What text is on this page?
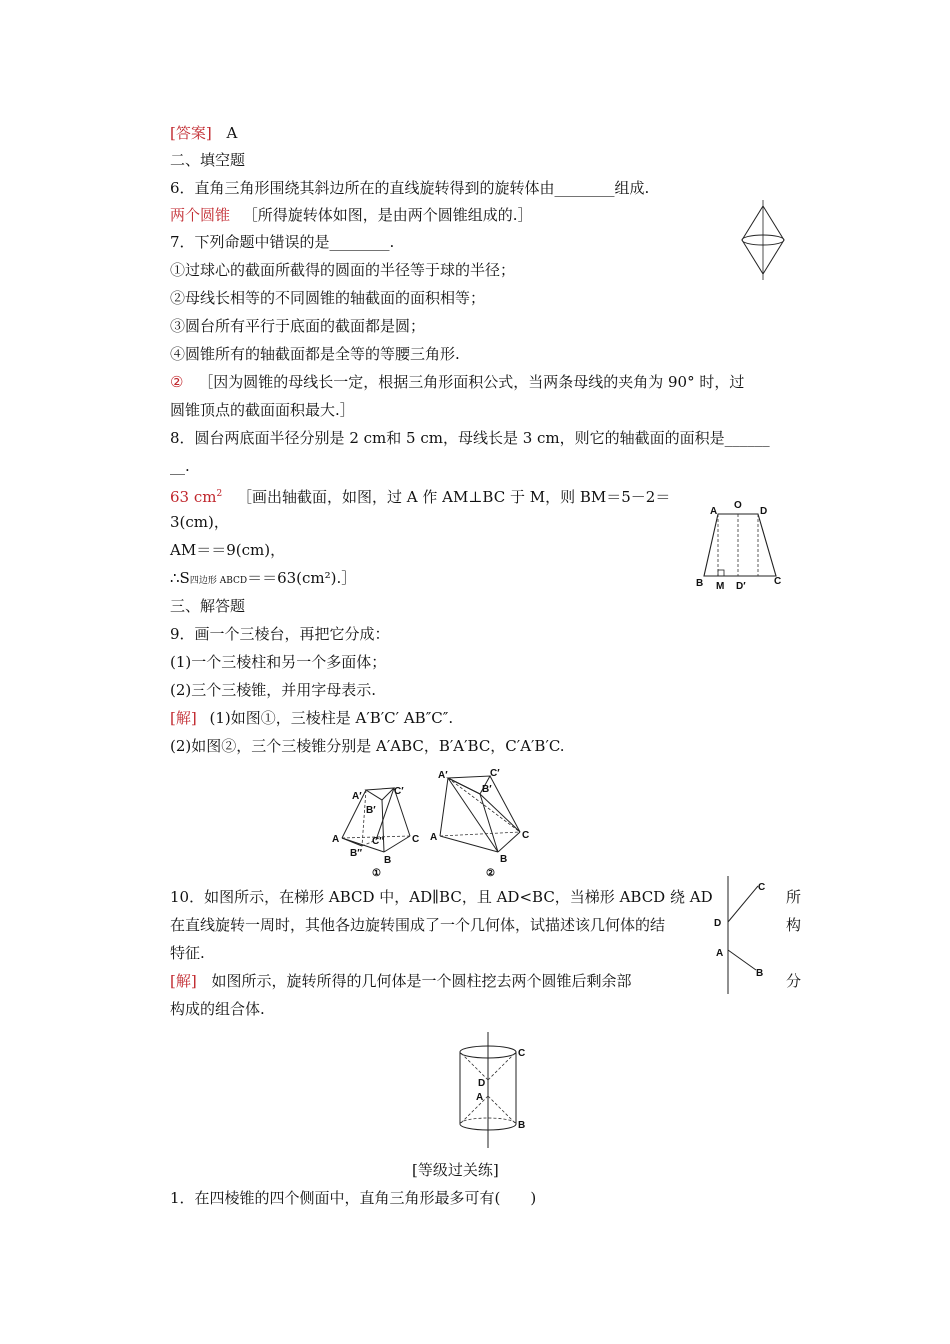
[答案] A
二、填空题
6．直角三角形围绕其斜边所在的直线旋转得到的旋转体由________组成.
两个圆锥 ［所得旋转体如图，是由两个圆锥组成的.］
7．下列命题中错误的是________.
①过球心的截面所截得的圆面的半径等于球的半径；
②母线长相等的不同圆锥的轴截面的面积相等；
③圆台所有平行于底面的截面都是圆；
④圆锥所有的轴截面都是全等的等腰三角形.
② ［因为圆锥的母线长一定，根据三角形面积公式，当两条母线的夹角为 90° 时，过
圆锥顶点的截面面积最大.］
8．圆台两底面半径分别是 2 cm和 5 cm，母线长是 3 cm，则它的轴截面的面积是______
__.
63 $cm^2$ ［画出轴截面，如图，过 A 作 AM⊥BC 于 M，则 BM＝5－2＝
3(cm)，
AM＝＝9(cm)，
∴S四边形 ABCD＝＝63(cm²).］
A
O
D
B M D′	C
三、解答题
9．画一个三棱台，再把它分成：
(1)一个三棱柱和另一个多面体；
(2)三个三棱锥，并用字母表示.
[解] (1)如图①，三棱柱是 A′B′C′ AB″C″.
(2)如图②，三个三棱锥分别是 A′ABC，B′A′BC，C′A′B′C.
A′	C′
B′
A	C
C″
B″
B
①
A′	C′
B′
A	C
B
②
10．如图所示，在梯形 ABCD 中，AD∥BC，且 AD<BC，当梯形 ABCD 绕 AD	所
在直线旋转一周时，其他各边旋转围成了一个几何体，试描述该几何体的结	构
特征.
[解] 如图所示，旋转所得的几何体是一个圆柱挖去两个圆锥后剩余部	分
构成的组合体.
C
D
A
B
C
D
A
B
[等级过关练]
1．在四棱锥的四个侧面中，直角三角形最多可有(　　)
